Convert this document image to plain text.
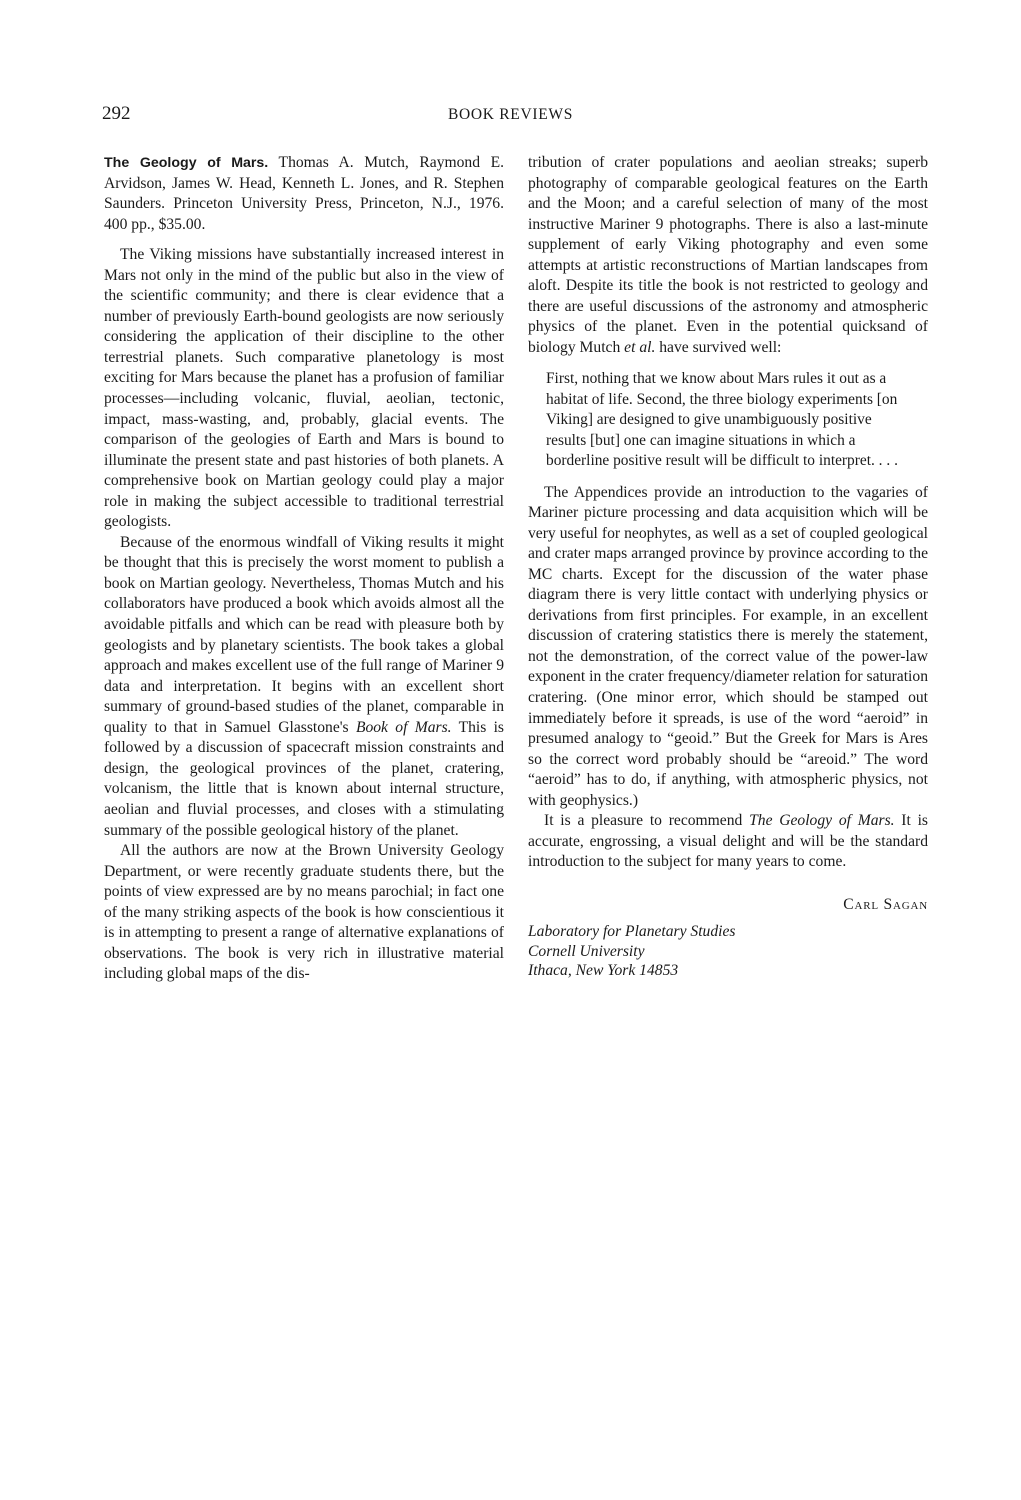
292	BOOK REVIEWS

The Geology of Mars. Thomas A. Mutch, Raymond E. Arvidson, James W. Head, Kenneth L. Jones, and R. Stephen Saunders. Princeton University Press, Princeton, N.J., 1976. 400 pp., $35.00.

The Viking missions have substantially increased interest in Mars not only in the mind of the public but also in the view of the scientific community; and there is clear evidence that a number of previously Earth-bound geologists are now seriously considering the application of their discipline to the other terrestrial planets. Such comparative planetology is most exciting for Mars because the planet has a profusion of familiar processes—including volcanic, fluvial, aeolian, tectonic, impact, mass-wasting, and, probably, glacial events. The comparison of the geologies of Earth and Mars is bound to illuminate the present state and past histories of both planets. A comprehensive book on Martian geology could play a major role in making the subject accessible to traditional terrestrial geologists.

Because of the enormous windfall of Viking results it might be thought that this is precisely the worst moment to publish a book on Martian geology. Nevertheless, Thomas Mutch and his collaborators have produced a book which avoids almost all the avoidable pitfalls and which can be read with pleasure both by geologists and by planetary scientists. The book takes a global approach and makes excellent use of the full range of Mariner 9 data and interpretation. It begins with an excellent short summary of ground-based studies of the planet, comparable in quality to that in Samuel Glasstone's Book of Mars. This is followed by a discussion of spacecraft mission constraints and design, the geological provinces of the planet, cratering, volcanism, the little that is known about internal structure, aeolian and fluvial processes, and closes with a stimulating summary of the possible geological history of the planet.

All the authors are now at the Brown University Geology Department, or were recently graduate students there, but the points of view expressed are by no means parochial; in fact one of the many striking aspects of the book is how conscientious it is in attempting to present a range of alternative explanations of observations. The book is very rich in illustrative material including global maps of the dis-

tribution of crater populations and aeolian streaks; superb photography of comparable geological features on the Earth and the Moon; and a careful selection of many of the most instructive Mariner 9 photographs. There is also a last-minute supplement of early Viking photography and even some attempts at artistic reconstructions of Martian landscapes from aloft. Despite its title the book is not restricted to geology and there are useful discussions of the astronomy and atmospheric physics of the planet. Even in the potential quicksand of biology Mutch et al. have survived well:

First, nothing that we know about Mars rules it out as a habitat of life. Second, the three biology experiments [on Viking] are designed to give unambiguously positive results [but] one can imagine situations in which a borderline positive result will be difficult to interpret. . . .

The Appendices provide an introduction to the vagaries of Mariner picture processing and data acquisition which will be very useful for neophytes, as well as a set of coupled geological and crater maps arranged province by province according to the MC charts. Except for the discussion of the water phase diagram there is very little contact with underlying physics or derivations from first principles. For example, in an excellent discussion of cratering statistics there is merely the statement, not the demonstration, of the correct value of the power-law exponent in the crater frequency/diameter relation for saturation cratering. (One minor error, which should be stamped out immediately before it spreads, is use of the word “aeroid” in presumed analogy to “geoid.” But the Greek for Mars is Ares so the correct word probably should be “areoid.” The word “aeroid” has to do, if anything, with atmospheric physics, not with geophysics.)

It is a pleasure to recommend The Geology of Mars. It is accurate, engrossing, a visual delight and will be the standard introduction to the subject for many years to come.

Carl Sagan

Laboratory for Planetary Studies
Cornell University
Ithaca, New York 14853
